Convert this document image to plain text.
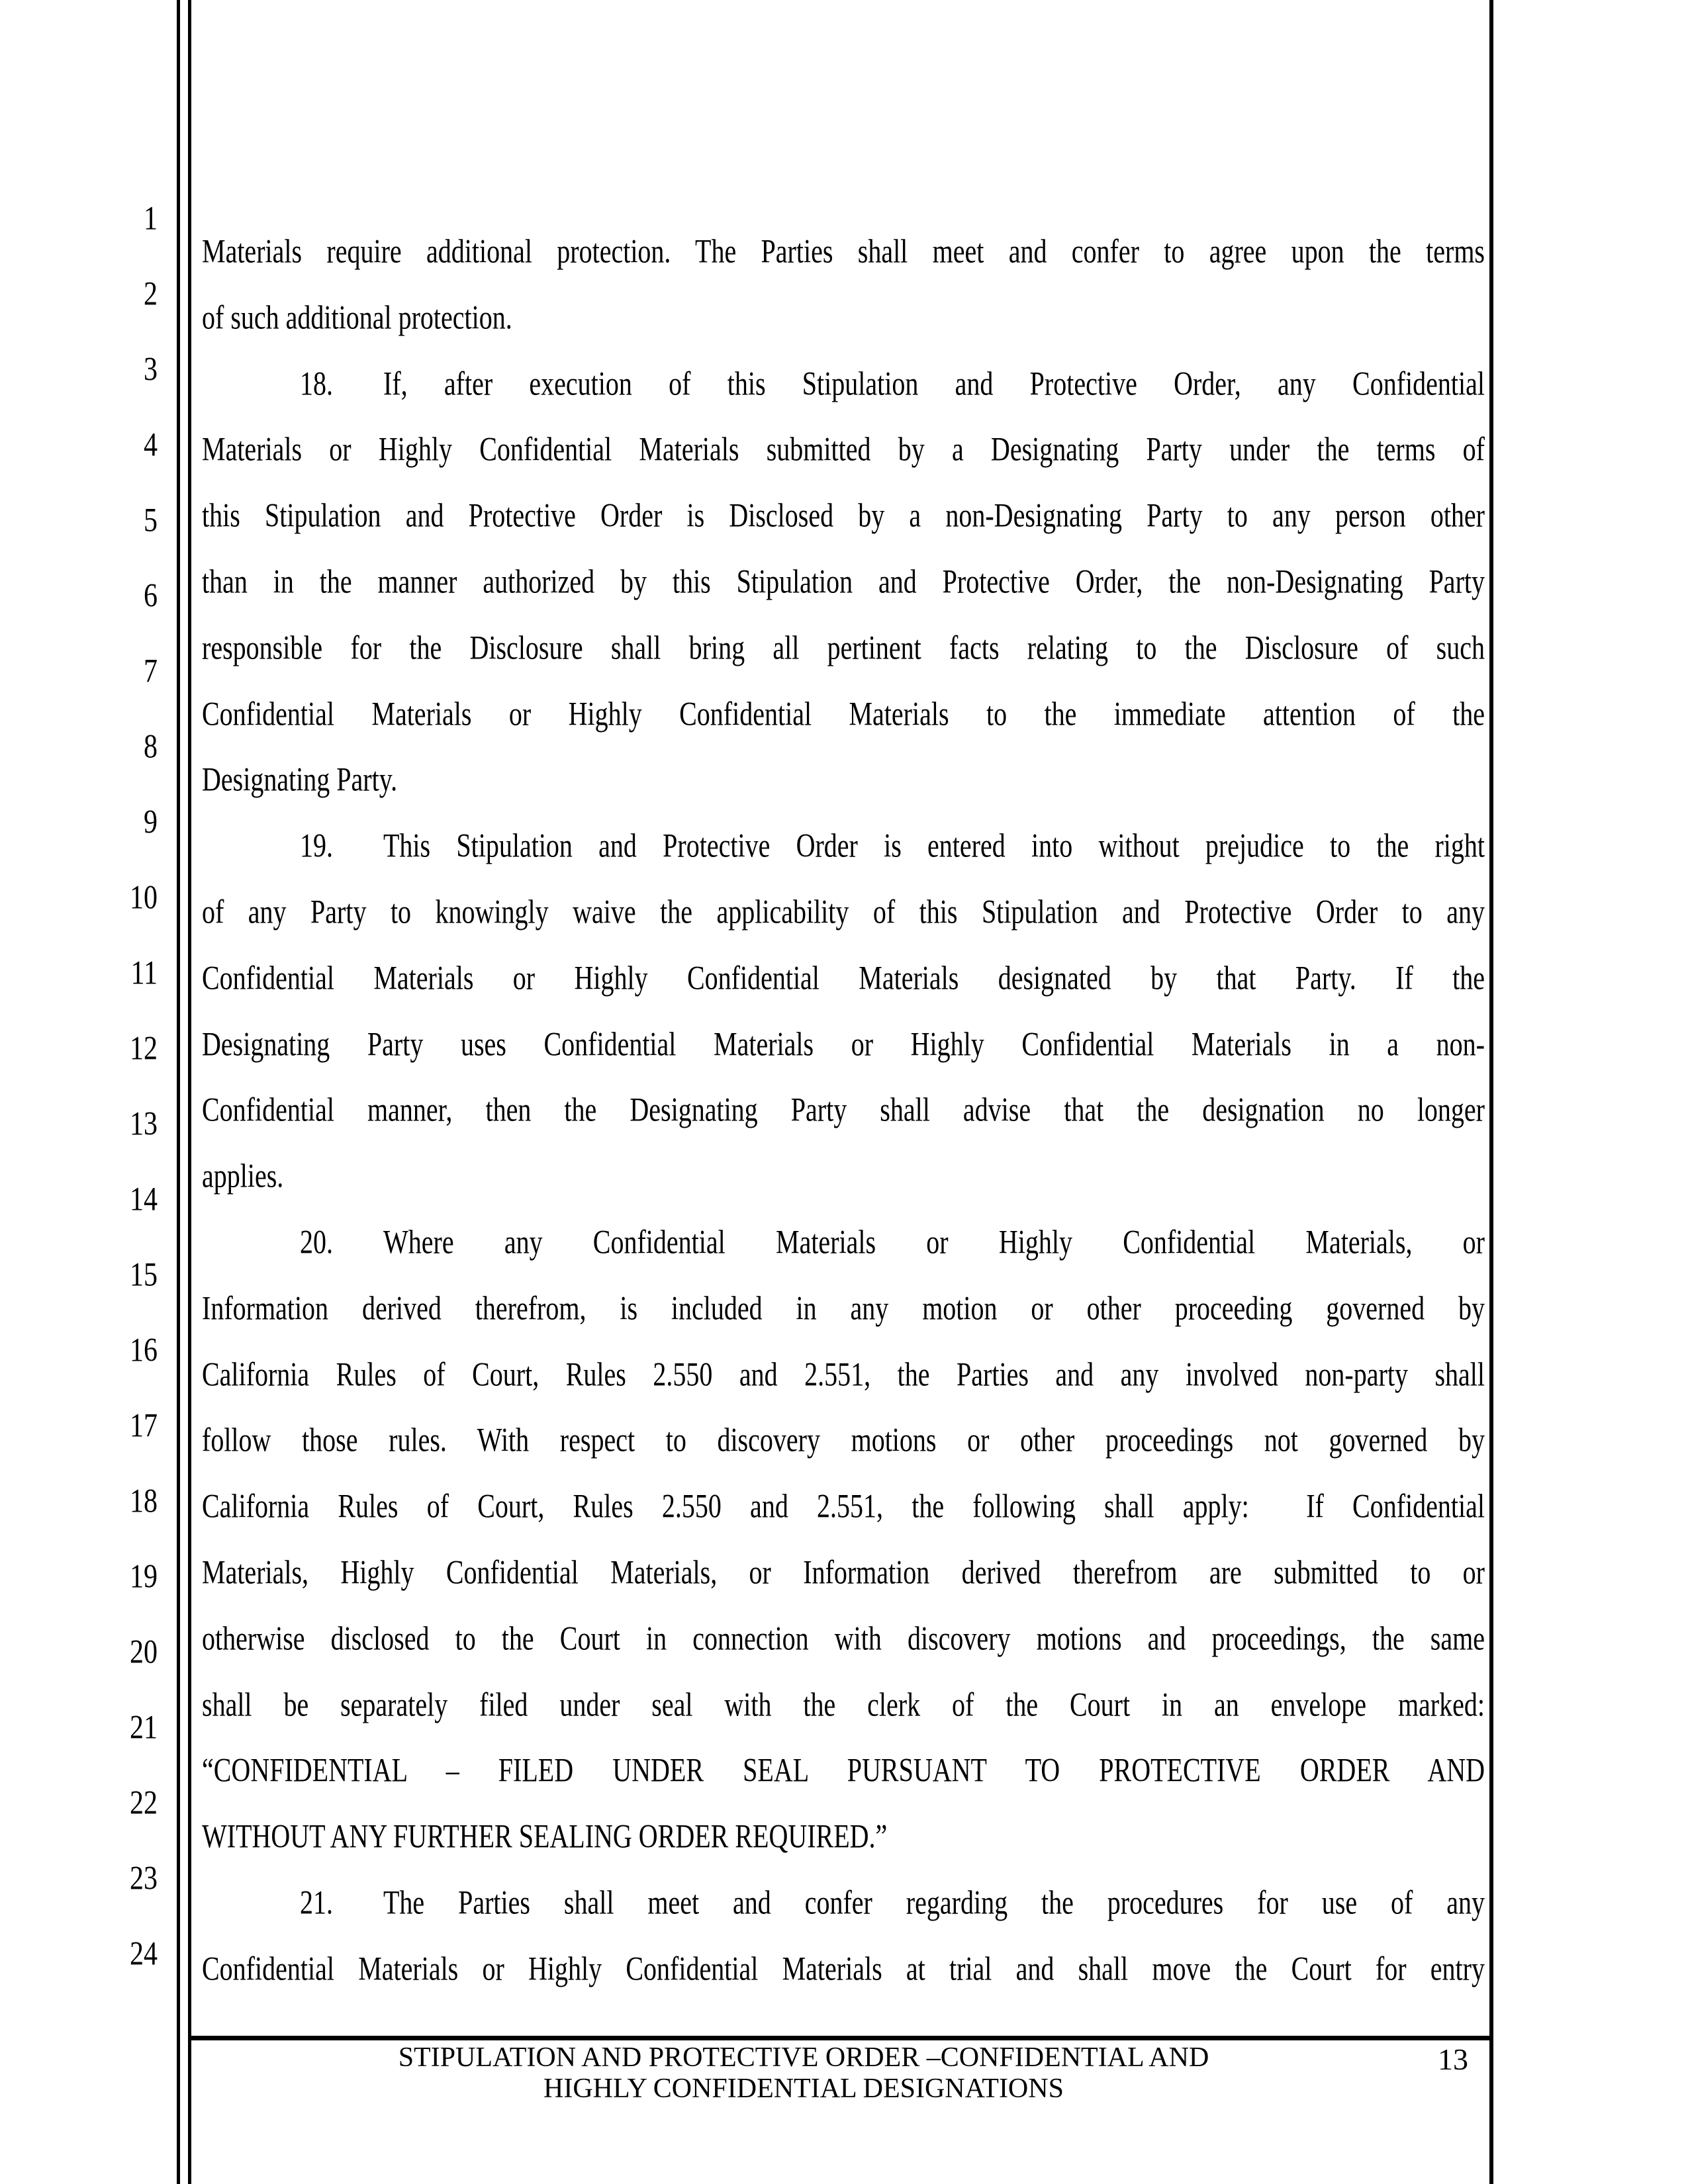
1
2
3
4
5
6
7
8
9
10
11
12
13
14
15
16
17
18
19
20
21
22
23
24
Materials require additional protection. The Parties shall meet and confer to agree upon the terms
of such additional protection.
18. If, after execution of this Stipulation and Protective Order, any Confidential
Materials or Highly Confidential Materials submitted by a Designating Party under the terms of
this Stipulation and Protective Order is Disclosed by a non-Designating Party to any person other
than in the manner authorized by this Stipulation and Protective Order, the non-Designating Party
responsible for the Disclosure shall bring all pertinent facts relating to the Disclosure of such
Confidential Materials or Highly Confidential Materials to the immediate attention of the
Designating Party.
19. This Stipulation and Protective Order is entered into without prejudice to the right
of any Party to knowingly waive the applicability of this Stipulation and Protective Order to any
Confidential Materials or Highly Confidential Materials designated by that Party. If the
Designating Party uses Confidential Materials or Highly Confidential Materials in a non-
Confidential manner, then the Designating Party shall advise that the designation no longer
applies.
20. Where any Confidential Materials or Highly Confidential Materials, or
Information derived therefrom, is included in any motion or other proceeding governed by
California Rules of Court, Rules 2.550 and 2.551, the Parties and any involved non-party shall
follow those rules. With respect to discovery motions or other proceedings not governed by
California Rules of Court, Rules 2.550 and 2.551, the following shall apply:  If Confidential
Materials, Highly Confidential Materials, or Information derived therefrom are submitted to or
otherwise disclosed to the Court in connection with discovery motions and proceedings, the same
shall be separately filed under seal with the clerk of the Court in an envelope marked:
“CONFIDENTIAL – FILED UNDER SEAL PURSUANT TO PROTECTIVE ORDER AND
WITHOUT ANY FURTHER SEALING ORDER REQUIRED.”
21. The Parties shall meet and confer regarding the procedures for use of any
Confidential Materials or Highly Confidential Materials at trial and shall move the Court for entry
STIPULATION AND PROTECTIVE ORDER –CONFIDENTIAL AND
HIGHLY CONFIDENTIAL DESIGNATIONS
13
